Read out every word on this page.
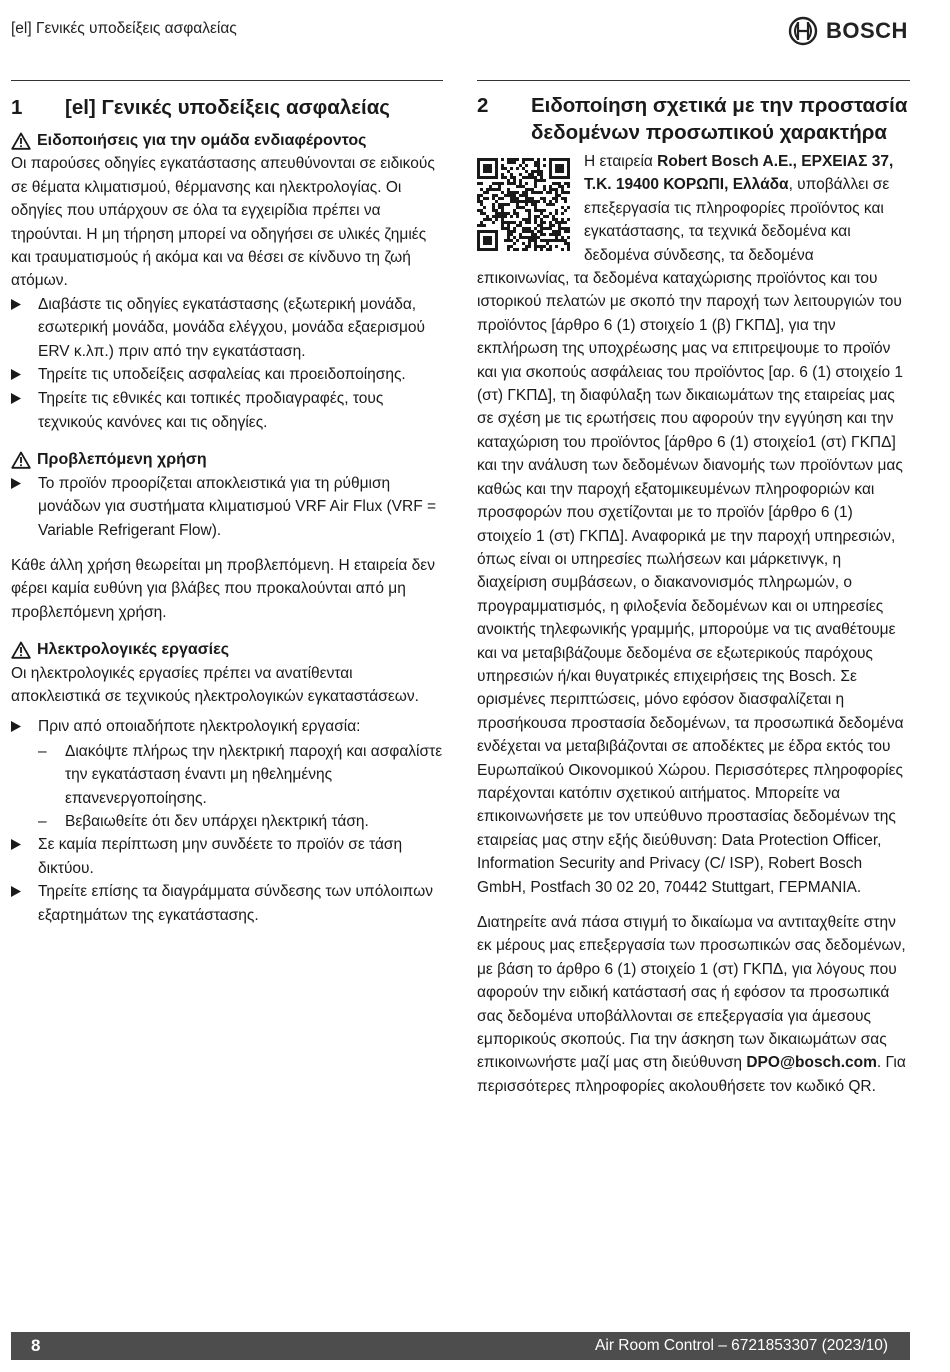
[el] Γενικές υποδείξεις ασφαλείας	BOSCH
1	[el] Γενικές υποδείξεις ασφαλείας
Ειδοποιήσεις για την ομάδα ενδιαφέροντος

Οι παρούσες οδηγίες εγκατάστασης απευθύνονται σε ειδικούς σε θέματα κλιματισμού, θέρμανσης και ηλεκτρολογίας. Οι οδηγίες που υπάρχουν σε όλα τα εγχειρίδια πρέπει να τηρούνται. Η μη τήρηση μπορεί να οδηγήσει σε υλικές ζημιές και τραυματισμούς ή ακόμα και να θέσει σε κίνδυνο τη ζωή ατόμων.

Διαβάστε τις οδηγίες εγκατάστασης (εξωτερική μονάδα, εσωτερική μονάδα, μονάδα ελέγχου, μονάδα εξαερισμού ERV κ.λπ.) πριν από την εγκατάσταση.
Τηρείτε τις υποδείξεις ασφαλείας και προειδοποίησης.
Τηρείτε τις εθνικές και τοπικές προδιαγραφές, τους τεχνικούς κανόνες και τις οδηγίες.
Προβλεπόμενη χρήση
Το προϊόν προορίζεται αποκλειστικά για τη ρύθμιση μονάδων για συστήματα κλιματισμού VRF Air Flux (VRF = Variable Refrigerant Flow).

Κάθε άλλη χρήση θεωρείται μη προβλεπόμενη. Η εταιρεία δεν φέρει καμία ευθύνη για βλάβες που προκαλούνται από μη προβλεπόμενη χρήση.

Ηλεκτρολογικές εργασίες

Οι ηλεκτρολογικές εργασίες πρέπει να ανατίθενται αποκλειστικά σε τεχνικούς ηλεκτρολογικών εγκαταστάσεων.

Πριν από οποιαδήποτε ηλεκτρολογική εργασία:
–	Διακόψτε πλήρως την ηλεκτρική παροχή και ασφαλίστε την εγκατάσταση έναντι μη ηθελημένης επανενεργοποίησης.
–	Βεβαιωθείτε ότι δεν υπάρχει ηλεκτρική τάση.
Σε καμία περίπτωση μην συνδέετε το προϊόν σε τάση δικτύου.
Τηρείτε επίσης τα διαγράμματα σύνδεσης των υπόλοιπων εξαρτημάτων της εγκατάστασης.
2	Ειδοποίηση σχετικά με την προστασία δεδομένων προσωπικού χαρακτήρα

Η εταιρεία Robert Bosch A.E., ΕΡΧΕΙΑΣ 37, Τ.Κ. 19400 ΚΟΡΩΠΙ, Ελλάδα, υποβάλλει σε επεξεργασία τις πληροφορίες προϊόντος και εγκατάστασης, τα τεχνικά δεδομένα και δεδομένα σύνδεσης, τα δεδομένα επικοινωνίας, τα δεδομένα καταχώρισης προϊόντος και του ιστορικού πελατών με σκοπό την παροχή των λειτουργιών του προϊόντος [άρθρο 6 (1) στοιχείο 1 (β) ΓΚΠΔ], για την εκπλήρωση της υποχρέωσης μας να επιτρεψουμε το προϊόν και για σκοπούς ασφάλειας του προϊόντος [αρ. 6 (1) στοιχείο 1 (στ) ΓΚΠΔ], τη διαφύλαξη των δικαιωμάτων της εταιρείας μας σε σχέση με τις ερωτήσεις που αφορούν την εγγύηση και την καταχώριση του προϊόντος [άρθρο 6 (1) στοιχείο1 (στ) ΓΚΠΔ] και την ανάλυση των δεδομένων διανομής των προϊόντων μας καθώς και την παροχή εξατομικευμένων πληροφοριών και προσφορών που σχετίζονται με το προϊόν [άρθρο 6 (1) στοιχείο 1 (στ) ΓΚΠΔ]. Αναφορικά με την παροχή υπηρεσιών, όπως είναι οι υπηρεσίες πωλήσεων και μάρκετινγκ, η διαχείριση συμβάσεων, ο διακανονισμός πληρωμών, ο προγραμματισμός, η φιλοξενία δεδομένων και οι υπηρεσίες ανοικτής τηλεφωνικής γραμμής, μπορούμε να τις αναθέτουμε και να μεταβιβάζουμε δεδομένα σε εξωτερικούς παρόχους υπηρεσιών ή/και θυγατρικές επιχειρήσεις της Bosch. Σε ορισμένες περιπτώσεις, μόνο εφόσον διασφαλίζεται η προσήκουσα προστασία δεδομένων, τα προσωπικά δεδομένα ενδέχεται να μεταβιβάζονται σε αποδέκτες με έδρα εκτός του Ευρωπαϊκού Οικονομικού Χώρου. Περισσότερες πληροφορίες παρέχονται κατόπιν σχετικού αιτήματος. Μπορείτε να επικοινωνήσετε με τον υπεύθυνο προστασίας δεδομένων της εταιρείας μας στην εξής διεύθυνση: Data Protection Officer, Information Security and Privacy (C/ ISP), Robert Bosch GmbH, Postfach 30 02 20, 70442 Stuttgart, ΓΕΡΜΑΝΙΑ.

Διατηρείτε ανά πάσα στιγμή το δικαίωμα να αντιταχθείτε στην εκ μέρους μας επεξεργασία των προσωπικών σας δεδομένων, με βάση το άρθρο 6 (1) στοιχείο 1 (στ) ΓΚΠΔ, για λόγους που αφορούν την ειδική κατάστασή σας ή εφόσον τα προσωπικά σας δεδομένα υποβάλλονται σε επεξεργασία για άμεσους εμπορικούς σκοπούς. Για την άσκηση των δικαιωμάτων σας επικοινωνήστε μαζί μας στη διεύθυνση DPO@bosch.com. Για περισσότερες πληροφορίες ακολουθήσετε τον κωδικό QR.

8	Air Room Control – 6721853307 (2023/10)
